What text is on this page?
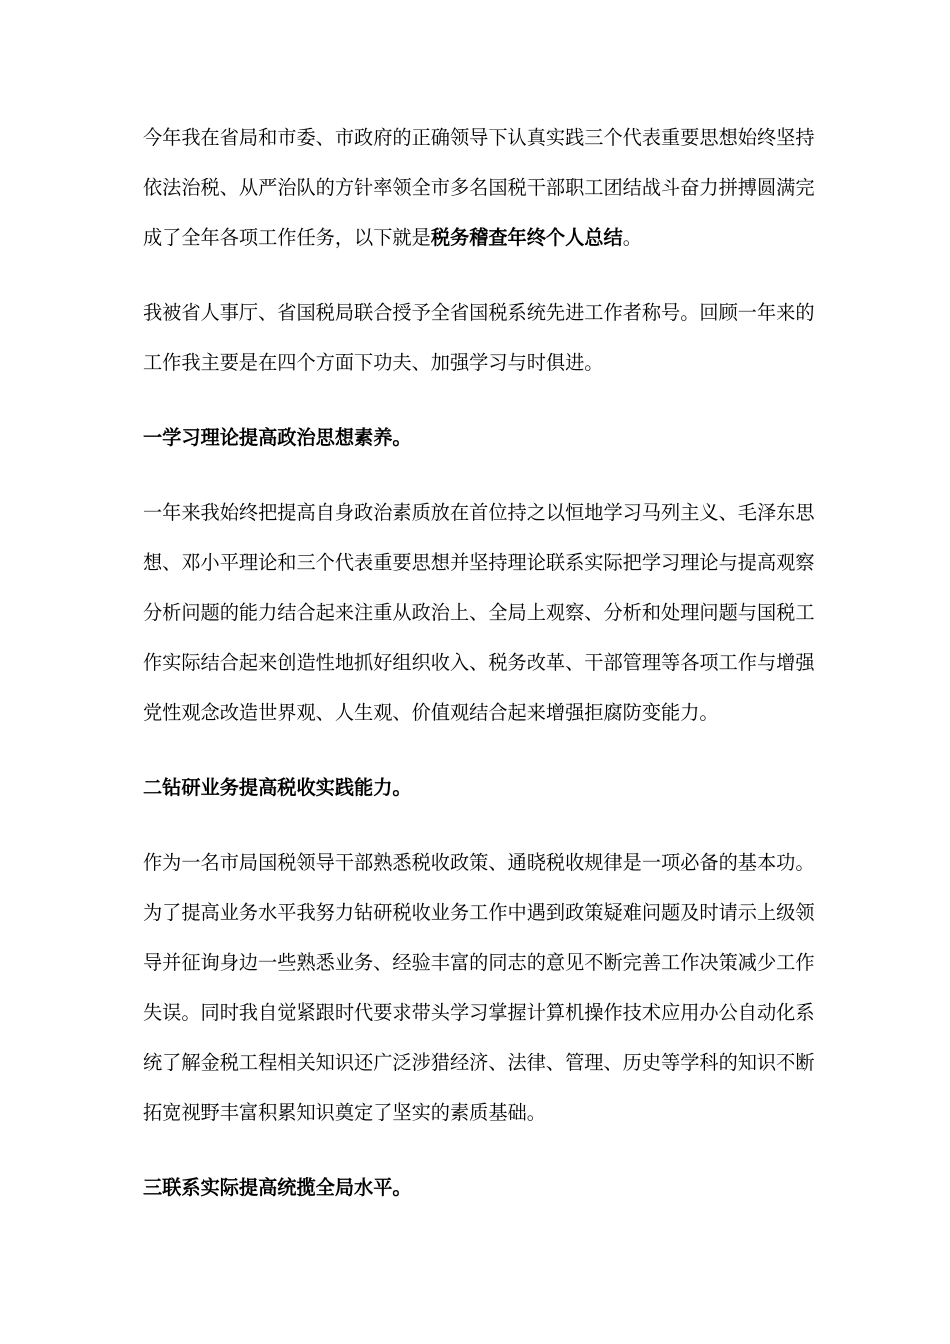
今年我在省局和市委、市政府的正确领导下认真实践三个代表重要思想始终坚持依法治税、从严治队的方针率领全市多名国税干部职工团结战斗奋力拼搏圆满完成了全年各项工作任务，以下就是税务稽查年终个人总结。

我被省人事厅、省国税局联合授予全省国税系统先进工作者称号。回顾一年来的工作我主要是在四个方面下功夫、加强学习与时俱进。

一学习理论提高政治思想素养。

一年来我始终把提高自身政治素质放在首位持之以恒地学习马列主义、毛泽东思想、邓小平理论和三个代表重要思想并坚持理论联系实际把学习理论与提高观察分析问题的能力结合起来注重从政治上、全局上观察、分析和处理问题与国税工作实际结合起来创造性地抓好组织收入、税务改革、干部管理等各项工作与增强党性观念改造世界观、人生观、价值观结合起来增强拒腐防变能力。

二钻研业务提高税收实践能力。

作为一名市局国税领导干部熟悉税收政策、通晓税收规律是一项必备的基本功。为了提高业务水平我努力钻研税收业务工作中遇到政策疑难问题及时请示上级领导并征询身边一些熟悉业务、经验丰富的同志的意见不断完善工作决策减少工作失误。同时我自觉紧跟时代要求带头学习掌握计算机操作技术应用办公自动化系统了解金税工程相关知识还广泛涉猎经济、法律、管理、历史等学科的知识不断拓宽视野丰富积累知识奠定了坚实的素质基础。

三联系实际提高统揽全局水平。
